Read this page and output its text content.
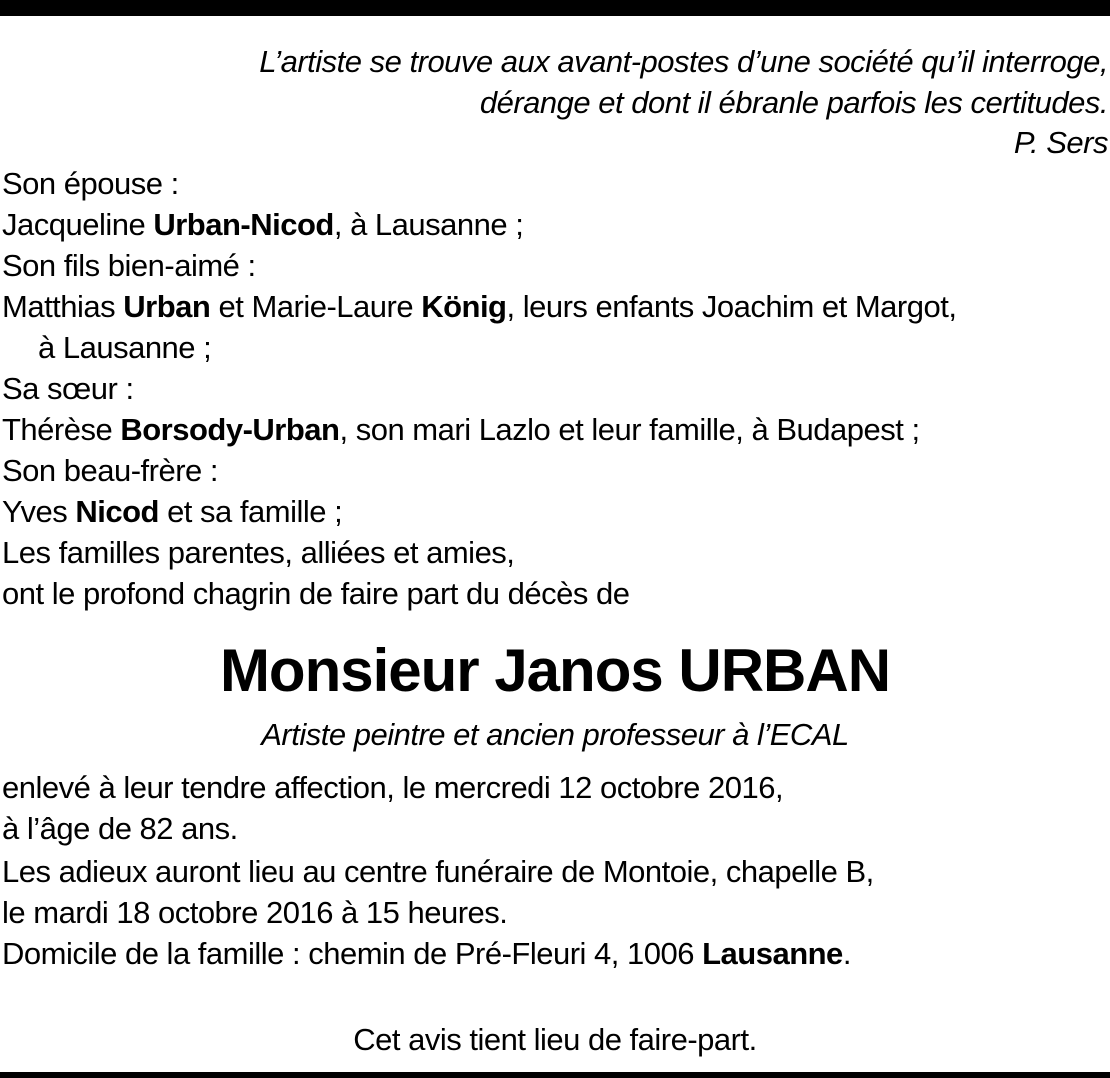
L’artiste se trouve aux avant-postes d’une société qu’il interroge,
dérange et dont il ébranle parfois les certitudes.
P. Sers
Son épouse :
Jacqueline Urban-Nicod, à Lausanne ;
Son fils bien-aimé :
Matthias Urban et Marie-Laure König, leurs enfants Joachim et Margot,
à Lausanne ;
Sa sœur :
Thérèse Borsody-Urban, son mari Lazlo et leur famille, à Budapest ;
Son beau-frère :
Yves Nicod et sa famille ;
Les familles parentes, alliées et amies,
ont le profond chagrin de faire part du décès de
Monsieur Janos URBAN
Artiste peintre et ancien professeur à l’ECAL
enlevé à leur tendre affection, le mercredi 12 octobre 2016,
à l’âge de 82 ans.
Les adieux auront lieu au centre funéraire de Montoie, chapelle B,
le mardi 18 octobre 2016 à 15 heures.
Domicile de la famille : chemin de Pré-Fleuri 4, 1006 Lausanne.
Cet avis tient lieu de faire-part.
